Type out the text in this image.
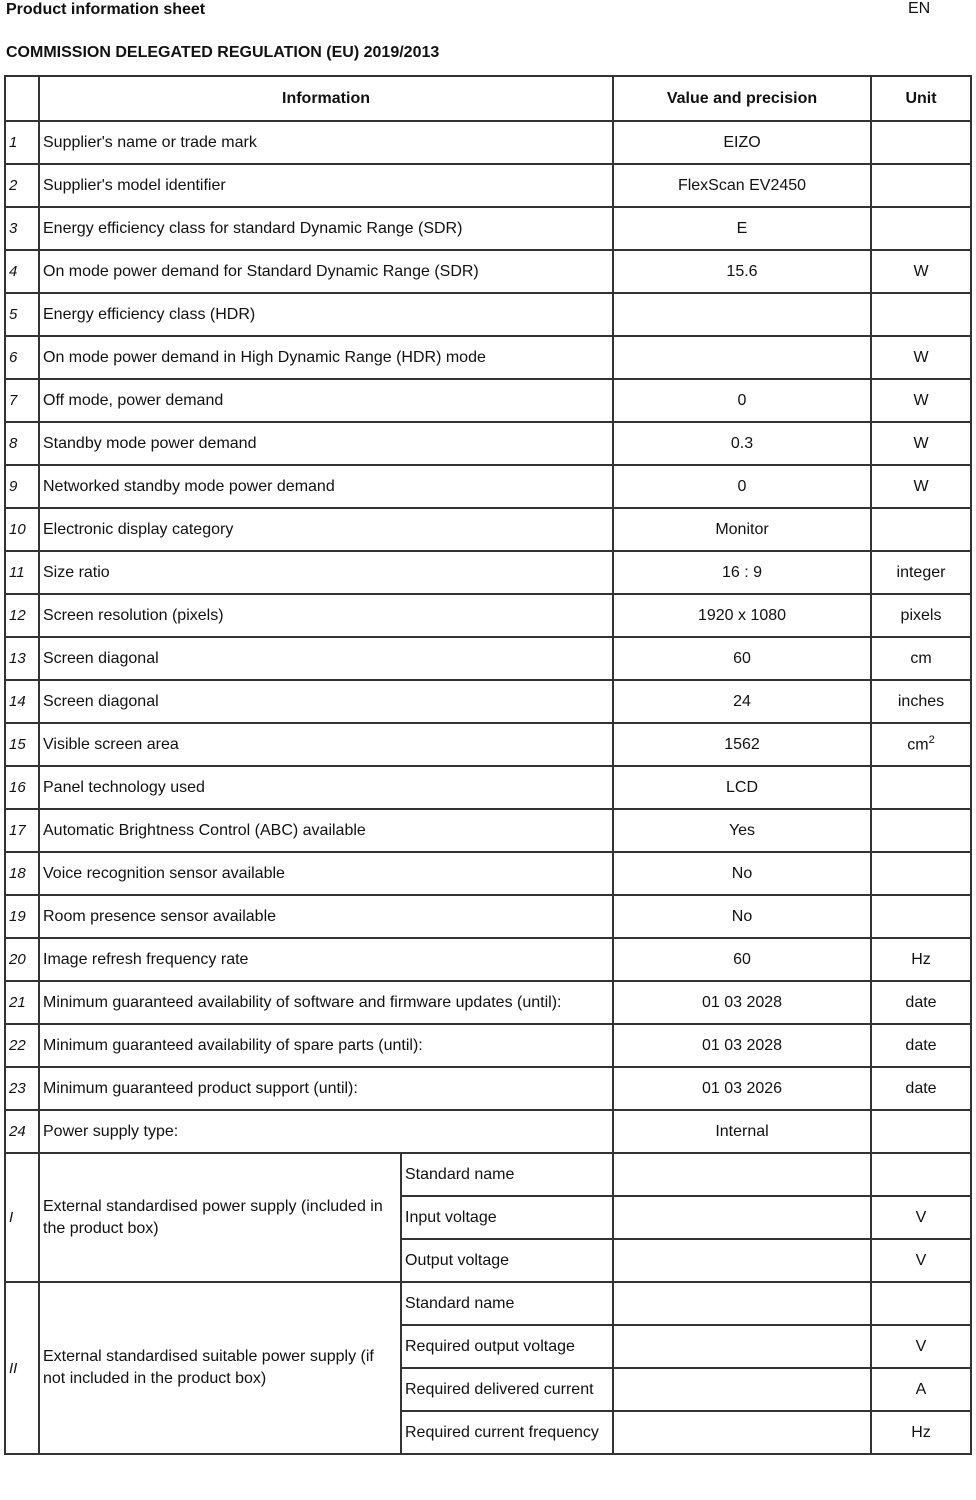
Product information sheet	EN
COMMISSION DELEGATED REGULATION (EU) 2019/2013
	Information		Value and precision	Unit
1	Supplier's name or trade mark		EIZO	
2	Supplier's model identifier		FlexScan EV2450	
3	Energy efficiency class for standard Dynamic Range (SDR)		E	
4	On mode power demand for Standard Dynamic Range (SDR)		15.6	W
5	Energy efficiency class (HDR)			
6	On mode power demand in High Dynamic Range (HDR) mode			W
7	Off mode, power demand		0	W
8	Standby mode power demand		0.3	W
9	Networked standby mode power demand		0	W
10	Electronic display category		Monitor	
11	Size ratio		16 : 9	integer
12	Screen resolution (pixels)		1920 x 1080	pixels
13	Screen diagonal		60	cm
14	Screen diagonal		24	inches
15	Visible screen area		1562	$cm^2$
16	Panel technology used		LCD	
17	Automatic Brightness Control (ABC) available		Yes	
18	Voice recognition sensor available		No	
19	Room presence sensor available		No	
20	Image refresh frequency rate		60	Hz
21	Minimum guaranteed availability of software and firmware updates (until):		01 03 2028	date
22	Minimum guaranteed availability of spare parts (until):		01 03 2028	date
23	Minimum guaranteed product support (until):		01 03 2026	date
24	Power supply type:		Internal	
I	External standardised power supply (included in the product box)	Standard name		
		Input voltage		V
		Output voltage		V
II	External standardised suitable power supply (if not included in the product box)	Standard name		
		Required output voltage		V
		Required delivered current		A
		Required current frequency		Hz
